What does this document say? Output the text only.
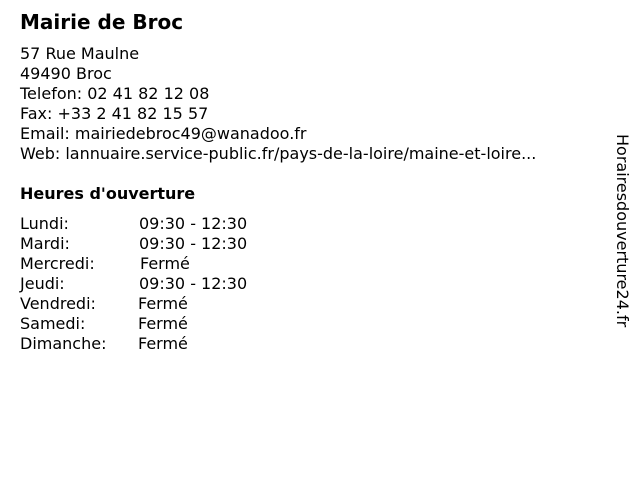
Mairie de Broc
57 Rue Maulne
49490 Broc
Telefon: 02 41 82 12 08
Fax: +33 2 41 82 15 57
Email: mairiedebroc49@wanadoo.fr
Web: lannuaire.service-public.fr/pays-de-la-loire/maine-et-loire...
Heures d'ouverture
Lundi:	09:30 - 12:30
Mardi:	09:30 - 12:30
Mercredi:	Fermé
Jeudi:	09:30 - 12:30
Vendredi:	Fermé
Samedi:	Fermé
Dimanche: Fermé
Horairesdouverture24.fr
